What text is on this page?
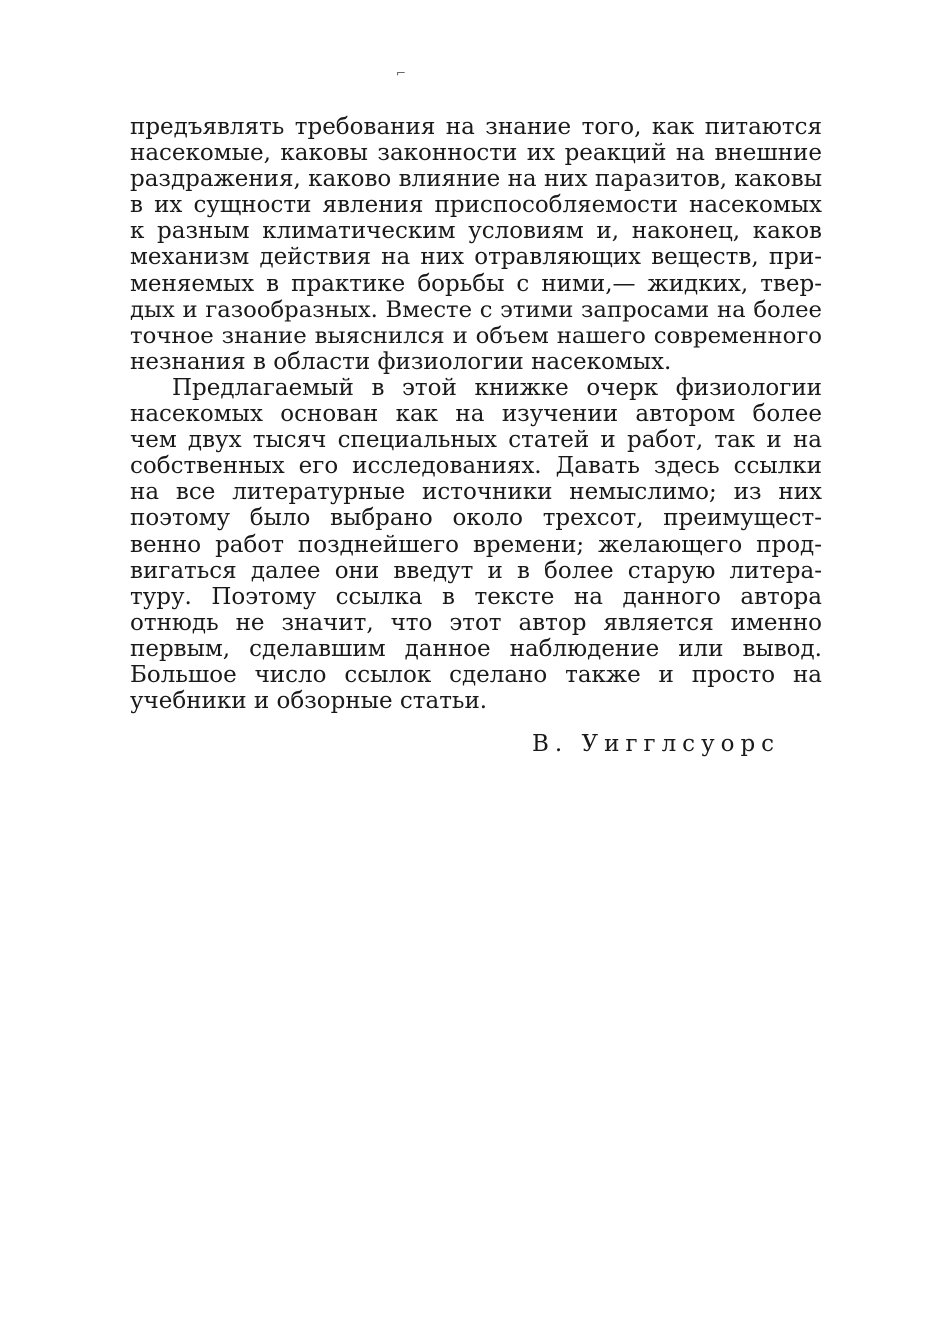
⌐
предъявлять требования на знание того, как питаются
насекомые, каковы законности их реакций на внешние
раздражения, каково влияние на них паразитов, каковы
в их сущности явления приспособляемости насекомых
к разным климатическим условиям и, наконец, каков
механизм действия на них отравляющих веществ, при-
меняемых в практике борьбы с ними,— жидких, твер-
дых и газообразных. Вместе с этими запросами на более
точное знание выяснился и объем нашего современного
незнания в области физиологии насекомых.
Предлагаемый в этой книжке очерк физиологии
насекомых основан как на изучении автором более
чем двух тысяч специальных статей и работ, так и на
собственных его исследованиях. Давать здесь ссылки
на все литературные источники немыслимо; из них
поэтому было выбрано около трехсот, преимущест-
венно работ позднейшего времени; желающего прод-
вигаться далее они введут и в более старую литера-
туру. Поэтому ссылка в тексте на данного автора
отнюдь не значит, что этот автор является именно
первым, сделавшим данное наблюдение или вывод.
Большое число ссылок сделано также и просто на
учебники и обзорные статьи.
В. Уигглсуорс
